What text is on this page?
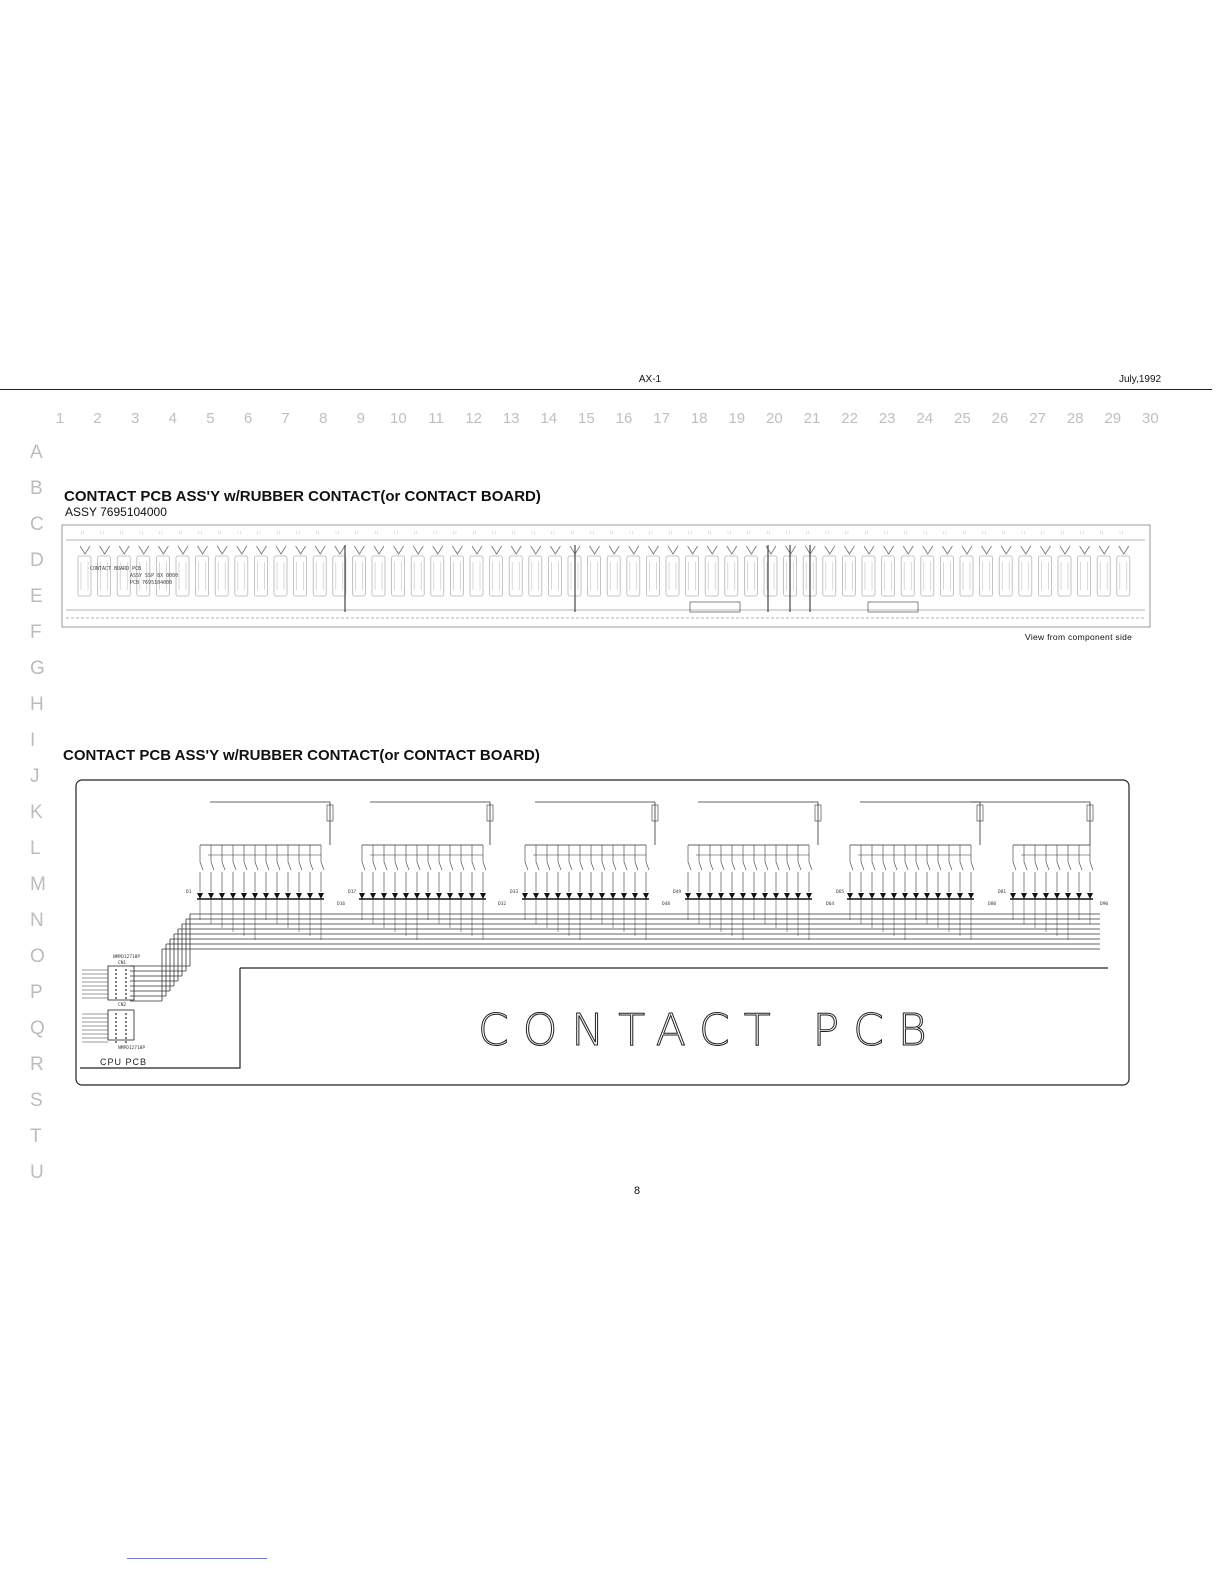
AX-1	July,1992
1 2 3 4 5 6 7 8 9 10 11 12 13 14 15 16 17 18 19 20 21 22 23 24 25 26 27 28 29 30
A
B
C
D
E
F
G
H
I
J
K
L
M
N
O
P
Q
R
S
T
U
CONTACT PCB ASS'Y w/RUBBER CONTACT(or CONTACT BOARD)
ASSY 7695104000
::	::	::	::	::	::	::	::	::	::	::	::	::	::	::	::	::	::	::	::	::	::	::	::	::	::	::	::	::	::	::	::	::	::	::	::	::	::	::	::	::	::	::	::	::	::	::	::	::	::	::	::	::	::
CONTACT BOARD PCB
ASSY SSP 8X 0000
PCB 7695104000
View from component side
CONTACT PCB ASS'Y w/RUBBER CONTACT(or CONTACT BOARD)
NMPD12718P
CN1
CN2
NMPD12718P
CPU PCB
CONTACT PCB
D1
D16
D17
D32
D33
D48
D49
D64
D65
D80
D81
D90
8
